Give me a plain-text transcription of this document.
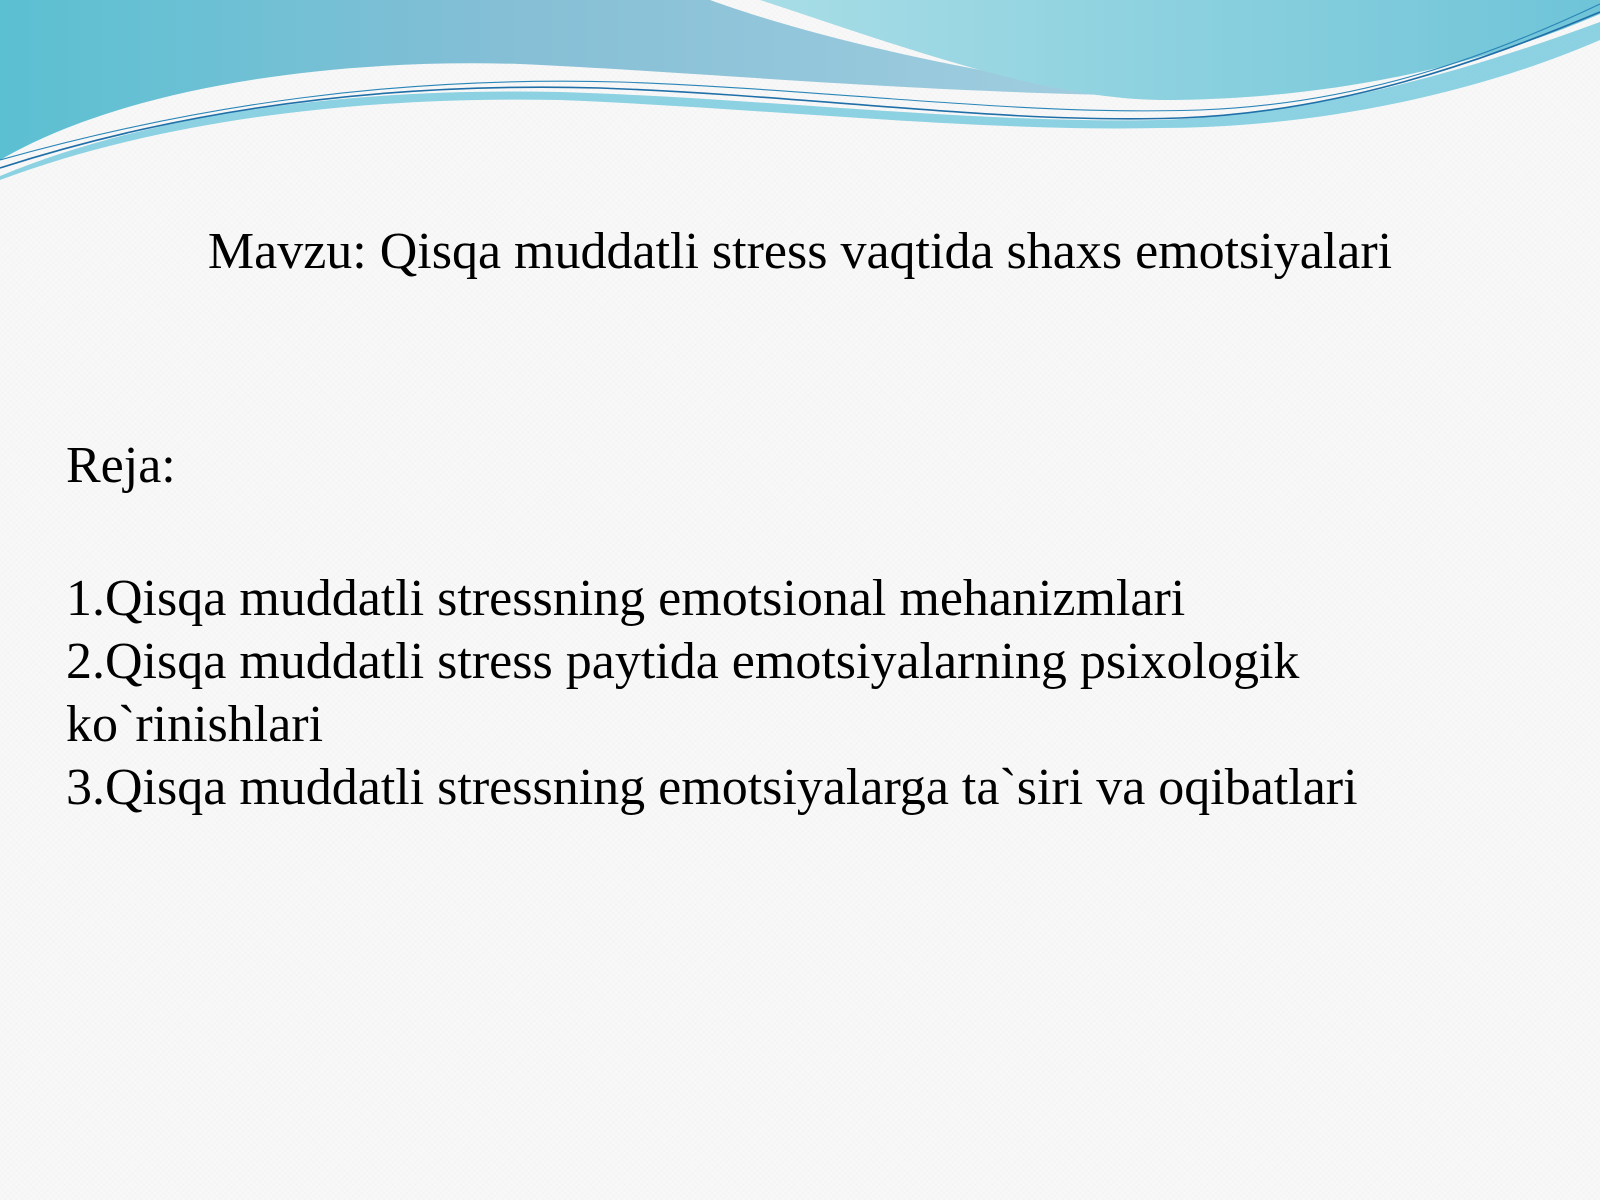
Mavzu: Qisqa muddatli stress vaqtida shaxs emotsiyalari
Reja:
1.Qisqa muddatli stressning emotsional mehanizmlari
2.Qisqa muddatli stress paytida emotsiyalarning psixologik ko`rinishlari
3.Qisqa muddatli stressning emotsiyalarga ta`siri va oqibatlari
